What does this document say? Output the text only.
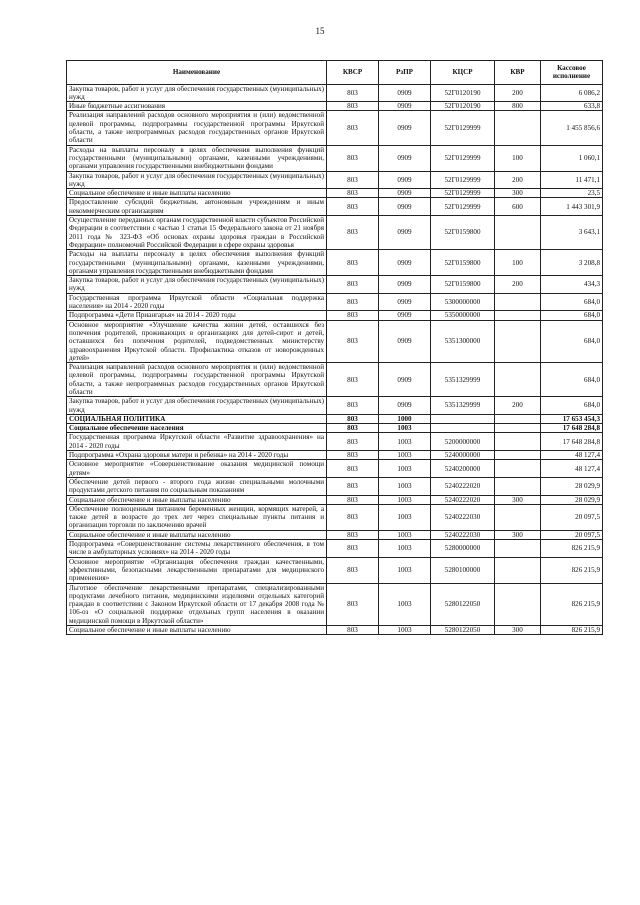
15
Наименование	КВСР	РзПР	КЦСР	КВР	Кассовое исполнение
Закупка товаров, работ и услуг для обеспечения государственных (муниципальных) нужд	803	0909	52Г0120190	200	6 086,2
Иные бюджетные ассигнования	803	0909	52Г0120190	800	633,8
Реализация направлений расходов основного мероприятия и (или) ведомственной целевой программы, подпрограммы государственной программы Иркутской области, а также непрограммных расходов государственных органов Иркутской области	803	0909	52Г0129999		1 455 856,6
Расходы на выплаты персоналу в целях обеспечения выполнения функций государственными (муниципальными) органами, казенными учреждениями, органами управления государственными внебюджетными фондами	803	0909	52Г0129999	100	1 060,1
Закупка товаров, работ и услуг для обеспечения государственных (муниципальных) нужд	803	0909	52Г0129999	200	11 471,1
Социальное обеспечение и иные выплаты населению	803	0909	52Г0129999	300	23,5
Предоставление субсидий бюджетным, автономным учреждениям и иным некоммерческим организациям	803	0909	52Г0129999	600	1 443 301,9
Осуществление переданных органам государственной власти субъектов Российской Федерации в соответствии с частью 1 статьи 15 Федерального закона от 21 ноября 2011 года № 323-ФЗ «Об основах охраны здоровья граждан в Российской Федерации» полномочий Российской Федерации в сфере охраны здоровья	803	0909	52Г0159800		3 643,1
Расходы на выплаты персоналу в целях обеспечения выполнения функций государственными (муниципальными) органами, казенными учреждениями, органами управления государственными внебюджетными фондами	803	0909	52Г0159800	100	3 208,8
Закупка товаров, работ и услуг для обеспечения государственных (муниципальных) нужд	803	0909	52Г0159800	200	434,3
Государственная программа Иркутской области «Социальная поддержка населения» на 2014 - 2020 годы	803	0909	5300000000		684,0
Подпрограмма «Дети Приангарья» на 2014 - 2020 годы	803	0909	5350000000		684,0
Основное мероприятие «Улучшение качества жизни детей, оставшихся без попечения родителей, проживающих в организациях для детей-сирот и детей, оставшихся без попечения родителей, подведомственных министерству здравоохранения Иркутской области. Профилактика отказов от новорожденных детей»	803	0909	5351300000		684,0
Реализация направлений расходов основного мероприятия и (или) ведомственной целевой программы, подпрограммы государственной программы Иркутской области, а также непрограммных расходов государственных органов Иркутской области	803	0909	5351329999		684,0
Закупка товаров, работ и услуг для обеспечения государственных (муниципальных) нужд	803	0909	5351329999	200	684,0
СОЦИАЛЬНАЯ ПОЛИТИКА	803	1000			17 653 454,3
Социальное обеспечение населения	803	1003			17 648 284,8
Государственная программа Иркутской области «Развитие здравоохранения» на 2014 - 2020 годы	803	1003	5200000000		17 648 284,8
Подпрограмма «Охрана здоровья матери и ребенка» на 2014 - 2020 годы	803	1003	5240000000		48 127,4
Основное мероприятие «Совершенствование оказания медицинской помощи детям»	803	1003	5240200000		48 127,4
Обеспечение детей первого - второго года жизни специальными молочными продуктами детского питания по социальным показаниям	803	1003	5240222020		28 029,9
Социальное обеспечение и иные выплаты населению	803	1003	5240222020	300	28 029,9
Обеспечение полноценным питанием беременных женщин, кормящих матерей, а также детей в возрасте до трех лет через специальные пункты питания и организации торговли по заключению врачей	803	1003	5240222030		20 097,5
Социальное обеспечение и иные выплаты населению	803	1003	5240222030	300	20 097,5
Подпрограмма «Совершенствование системы лекарственного обеспечения, в том числе в амбулаторных условиях» на 2014 - 2020 годы	803	1003	5280000000		826 215,9
Основное мероприятие «Организация обеспечения граждан качественными, эффективными, безопасными лекарственными препаратами для медицинского применения»	803	1003	5280100000		826 215,9
Льготное обеспечение лекарственными препаратами, специализированными продуктами лечебного питания, медицинскими изделиями отдельных категорий граждан в соответствии с Законом Иркутской области от 17 декабря 2008 года № 106-оз «О социальной поддержке отдельных групп населения в оказании медицинской помощи в Иркутской области»	803	1003	5280122050		826 215,9
Социальное обеспечение и иные выплаты населению	803	1003	5280122050	300	826 215,9
